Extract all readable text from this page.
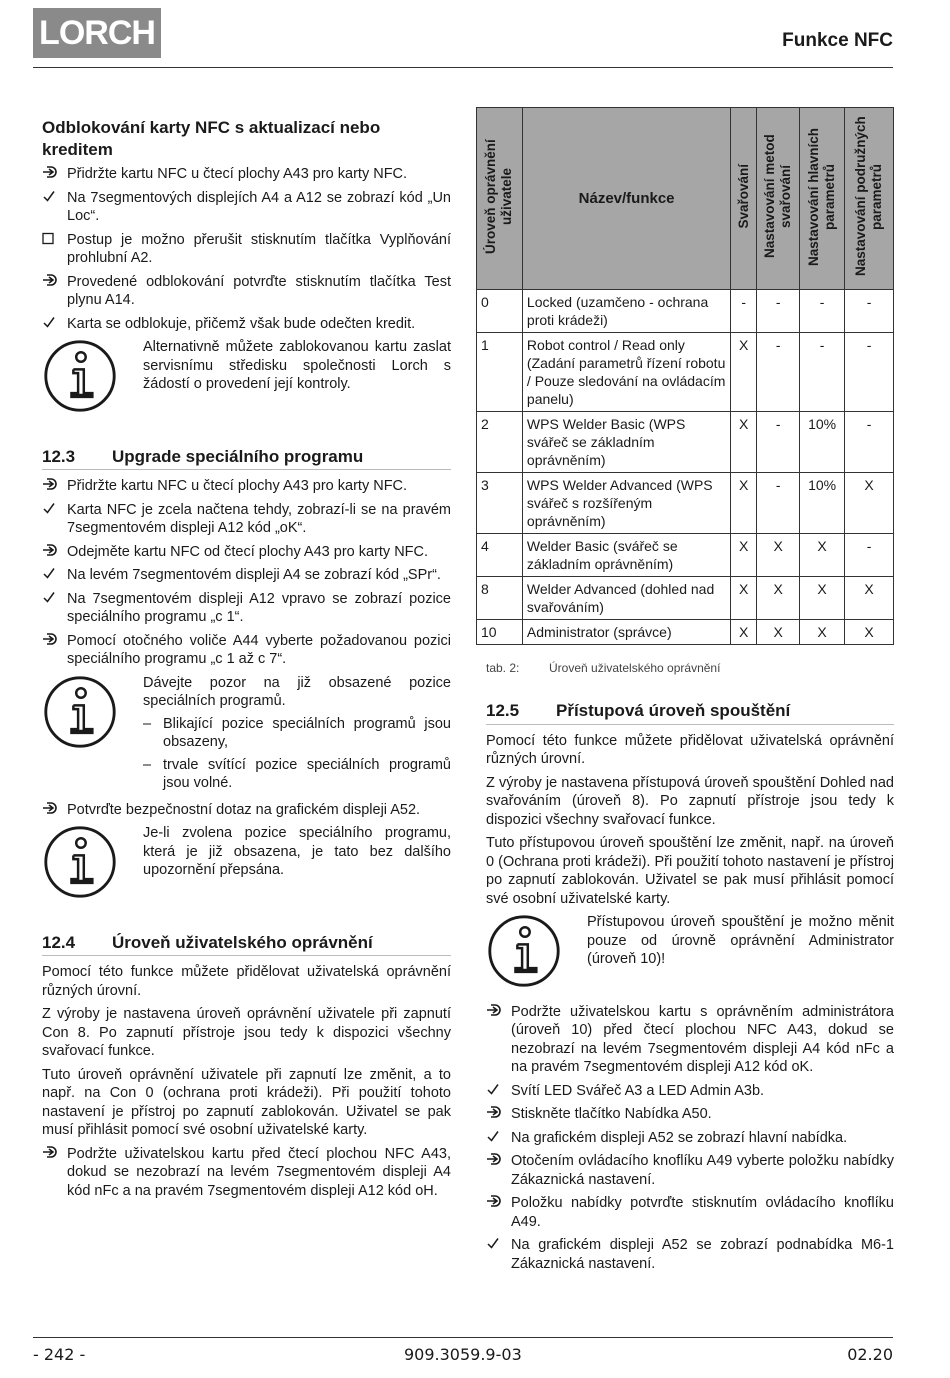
LORCH	Funkce NFC
Odblokování karty NFC s aktualizací nebo kreditem
Přidržte kartu NFC u čtecí plochy A43 pro karty NFC.
Na 7segmentových displejích A4 a A12 se zobrazí kód „Un Loc“.
Postup je možno přerušit stisknutím tlačítka Vyplňování prohlubní A2.
Provedené odblokování potvrďte stisknutím tlačítka Test plynu A14.
Karta se odblokuje, přičemž však bude odečten kredit.
Alternativně můžete zablokovanou kartu zaslat servisnímu středisku společnosti Lorch s žádostí o provedení její kontroly.
12.3	Upgrade speciálního programu
Přidržte kartu NFC u čtecí plochy A43 pro karty NFC.
Karta NFC je zcela načtena tehdy, zobrazí-li se na pravém 7segmentovém displeji A12 kód „oK“.
Odejměte kartu NFC od čtecí plochy A43 pro karty NFC.
Na levém 7segmentovém displeji A4 se zobrazí kód „SPr“.
Na 7segmentovém displeji A12 vpravo se zobrazí pozice speciálního programu „c 1“.
Pomocí otočného voliče A44 vyberte požadovanou pozici speciálního programu „c 1 až c 7“.
Dávejte pozor na již obsazené pozice speciálních programů.
– Blikající pozice speciálních programů jsou obsazeny,
– trvale svítící pozice speciálních programů jsou volné.
Potvrďte bezpečnostní dotaz na grafickém displeji A52.
Je-li zvolena pozice speciálního programu, která je již obsazena, je tato bez dalšího upozornění přepsána.
12.4	Úroveň uživatelského oprávnění

Pomocí této funkce můžete přidělovat uživatelská oprávnění různých úrovní.

Z výroby je nastavena úroveň oprávnění uživatele při zapnutí Con 8. Po zapnutí přístroje jsou tedy k dispozici všechny svařovací funkce.

Tuto úroveň oprávnění uživatele při zapnutí lze změnit, a to např. na Con 0 (ochrana proti krádeži). Při použití tohoto nastavení je přístroj po zapnutí zablokován. Uživatel se pak musí přihlásit pomocí své osobní uživatelské karty.

Podržte uživatelskou kartu před čtecí plochou NFC A43, dokud se nezobrazí na levém 7segmentovém displeji A4 kód nFc a na pravém 7segmentovém displeji A12 kód oH.
Úroveň oprávnění uživatele	Název/funkce	Svařování	Nastavování metod svařování	Nastavování hlavních parametrů	Nastavování podružných parametrů
0	Locked (uzamčeno - ochrana proti krádeži)	-	-	-	-
1	Robot control / Read only (Zadání parametrů řízení robotu / Pouze sledování na ovládacím panelu)	X	-	-	-
2	WPS Welder Basic (WPS svářeč se základním oprávněním)	X	-	10%	-
3	WPS Welder Advanced (WPS svářeč s rozšířeným oprávněním)	X	-	10%	X
4	Welder Basic (svářeč se základním oprávněním)	X	X	X	-
8	Welder Advanced (dohled nad svařováním)	X	X	X	X
10	Administrator (správce)	X	X	X	X
tab. 2:	Úroveň uživatelského oprávnění
12.5	Přístupová úroveň spouštění

Pomocí této funkce můžete přidělovat uživatelská oprávnění různých úrovní.

Z výroby je nastavena přístupová úroveň spouštění Dohled nad svařováním (úroveň 8). Po zapnutí přístroje jsou tedy k dispozici všechny svařovací funkce.

Tuto přístupovou úroveň spouštění lze změnit, např. na úroveň 0 (Ochrana proti krádeži). Při použití tohoto nastavení je přístroj po zapnutí zablokován. Uživatel se pak musí přihlásit pomocí své osobní uživatelské karty.

Přístupovou úroveň spouštění je možno měnit pouze od úrovně oprávnění Administrator (úroveň 10)!
Podržte uživatelskou kartu s oprávněním administrátora (úroveň 10) před čtecí plochou NFC A43, dokud se nezobrazí na levém 7segmentovém displeji A4 kód nFc a na pravém 7segmentovém displeji A12 kód oK.
Svítí LED Svářeč A3 a LED Admin A3b.
Stiskněte tlačítko Nabídka A50.
Na grafickém displeji A52 se zobrazí hlavní nabídka.
Otočením ovládacího knoflíku A49 vyberte položku nabídky Zákaznická nastavení.
Položku nabídky potvrďte stisknutím ovládacího knoflíku A49.
Na grafickém displeji A52 se zobrazí podnabídka M6-1 Zákaznická nastavení.
- 242 -	909.3059.9-03	02.20
